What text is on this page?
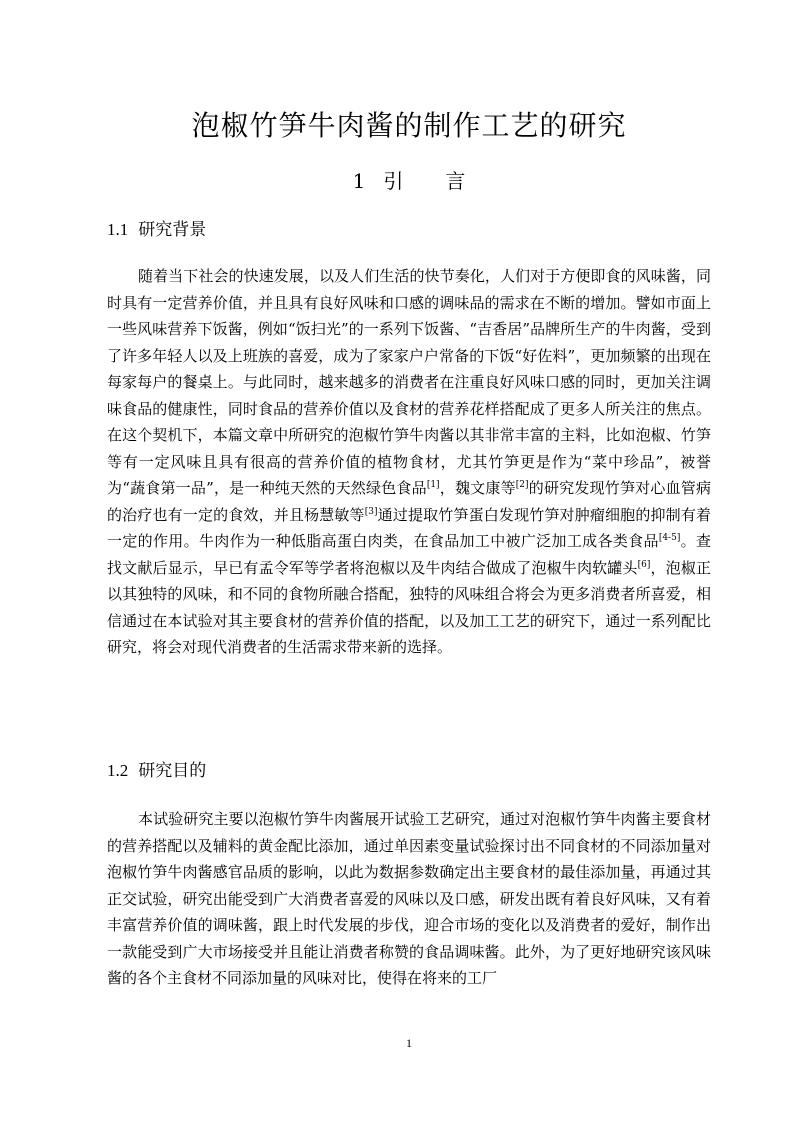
泡椒竹笋牛肉酱的制作工艺的研究
1 引 言
1.1 研究背景

随着当下社会的快速发展，以及人们生活的快节奏化，人们对于方便即食的风味酱，同时具有一定营养价值，并且具有良好风味和口感的调味品的需求在不断的增加。譬如市面上一些风味营养下饭酱，例如“饭扫光”的一系列下饭酱、“吉香居”品牌所生产的牛肉酱，受到了许多年轻人以及上班族的喜爱，成为了家家户户常备的下饭“好佐料”，更加频繁的出现在每家每户的餐桌上。与此同时，越来越多的消费者在注重良好风味口感的同时，更加关注调味食品的健康性，同时食品的营养价值以及食材的营养花样搭配成了更多人所关注的焦点。在这个契机下，本篇文章中所研究的泡椒竹笋牛肉酱以其非常丰富的主料，比如泡椒、竹笋等有一定风味且具有很高的营养价值的植物食材，尤其竹笋更是作为“菜中珍品”，被誉为“蔬食第一品”，是一种纯天然的天然绿色食品[1]，魏文康等[2]的研究发现竹笋对心血管病的治疗也有一定的食效，并且杨慧敏等[3]通过提取竹笋蛋白发现竹笋对肿瘤细胞的抑制有着一定的作用。牛肉作为一种低脂高蛋白肉类，在食品加工中被广泛加工成各类食品[4-5]。查找文献后显示，早已有孟令军等学者将泡椒以及牛肉结合做成了泡椒牛肉软罐头[6]，泡椒正以其独特的风味，和不同的食物所融合搭配，独特的风味组合将会为更多消费者所喜爱，相信通过在本试验对其主要食材的营养价值的搭配，以及加工工艺的研究下，通过一系列配比研究，将会对现代消费者的生活需求带来新的选择。

1.2 研究目的

本试验研究主要以泡椒竹笋牛肉酱展开试验工艺研究，通过对泡椒竹笋牛肉酱主要食材的营养搭配以及辅料的黄金配比添加，通过单因素变量试验探讨出不同食材的不同添加量对泡椒竹笋牛肉酱感官品质的影响，以此为数据参数确定出主要食材的最佳添加量，再通过其正交试验，研究出能受到广大消费者喜爱的风味以及口感，研发出既有着良好风味，又有着丰富营养价值的调味酱，跟上时代发展的步伐，迎合市场的变化以及消费者的爱好，制作出一款能受到广大市场接受并且能让消费者称赞的食品调味酱。此外，为了更好地研究该风味酱的各个主食材不同添加量的风味对比，使得在将来的工厂

1
